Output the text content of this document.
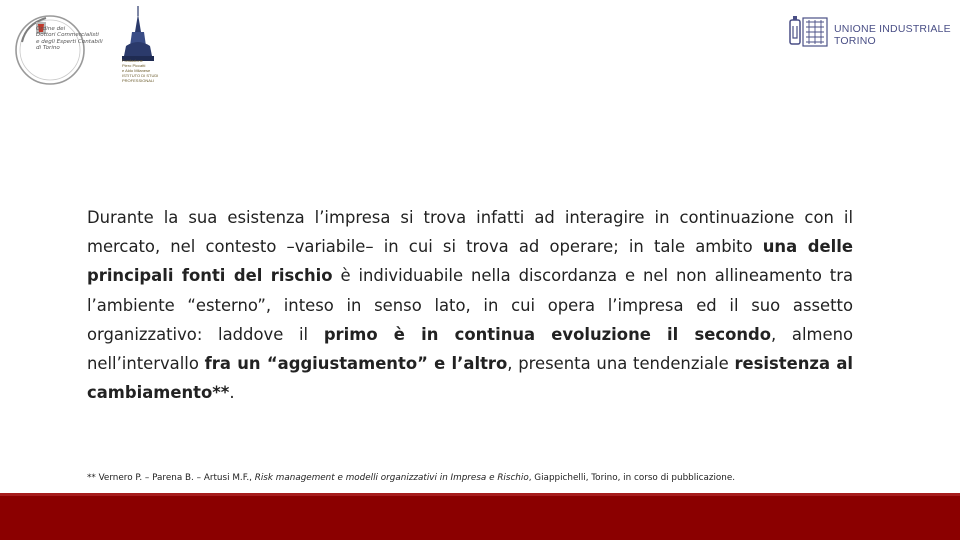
Ordine dei
Dottori Commercialisti
e degli Esperti Contabili
di Torino
Fondazione
Piero Piccatti
e Aldo Milanese
ISTITUTO DI STUDI
PROFESSIONALI
UNIONE INDUSTRIALE
TORINO
Durante la sua esistenza l’impresa si trova infatti ad interagire in continuazione con il mercato, nel contesto –variabile– in cui si trova ad operare; in tale ambito una delle principali fonti del rischio è individuabile nella discordanza e nel non allineamento tra l’ambiente “esterno”, inteso in senso lato, in cui opera l’impresa ed il suo assetto organizzativo: laddove il primo è in continua evoluzione il secondo, almeno nell’intervallo fra un “aggiustamento” e l’altro, presenta una tendenziale resistenza al cambiamento**.
** Vernero P. – Parena B. – Artusi M.F., Risk management e modelli organizzativi in Impresa e Rischio, Giappichelli, Torino, in corso di pubblicazione.
